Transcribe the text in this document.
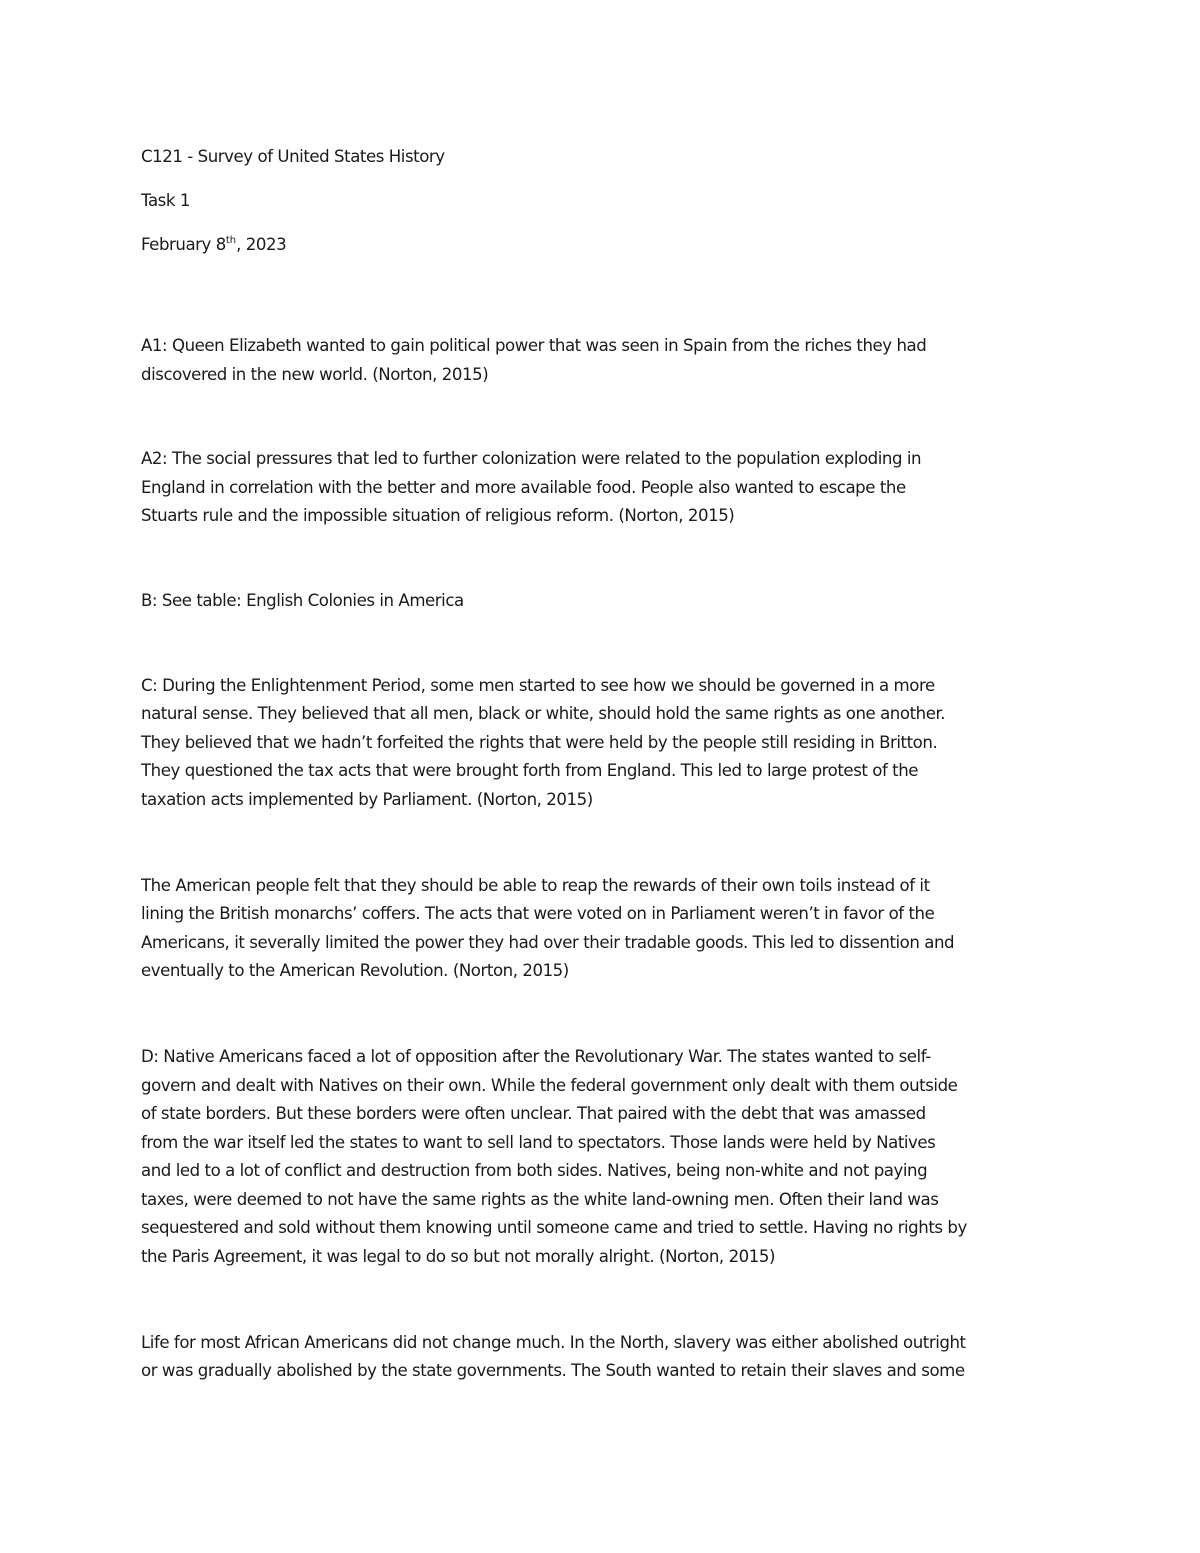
C121 - Survey of United States History

Task 1

February 8th, 2023

A1: Queen Elizabeth wanted to gain political power that was seen in Spain from the riches they had
discovered in the new world. (Norton, 2015)

A2: The social pressures that led to further colonization were related to the population exploding in
England in correlation with the better and more available food. People also wanted to escape the
Stuarts rule and the impossible situation of religious reform. (Norton, 2015)

B: See table: English Colonies in America

C: During the Enlightenment Period, some men started to see how we should be governed in a more
natural sense. They believed that all men, black or white, should hold the same rights as one another.
They believed that we hadn’t forfeited the rights that were held by the people still residing in Britton.
They questioned the tax acts that were brought forth from England. This led to large protest of the
taxation acts implemented by Parliament. (Norton, 2015)

The American people felt that they should be able to reap the rewards of their own toils instead of it
lining the British monarchs’ coffers. The acts that were voted on in Parliament weren’t in favor of the
Americans, it severally limited the power they had over their tradable goods. This led to dissention and
eventually to the American Revolution. (Norton, 2015)

D: Native Americans faced a lot of opposition after the Revolutionary War. The states wanted to self-
govern and dealt with Natives on their own. While the federal government only dealt with them outside
of state borders. But these borders were often unclear. That paired with the debt that was amassed
from the war itself led the states to want to sell land to spectators. Those lands were held by Natives
and led to a lot of conflict and destruction from both sides. Natives, being non-white and not paying
taxes, were deemed to not have the same rights as the white land-owning men. Often their land was
sequestered and sold without them knowing until someone came and tried to settle. Having no rights by
the Paris Agreement, it was legal to do so but not morally alright. (Norton, 2015)

Life for most African Americans did not change much. In the North, slavery was either abolished outright
or was gradually abolished by the state governments. The South wanted to retain their slaves and some
